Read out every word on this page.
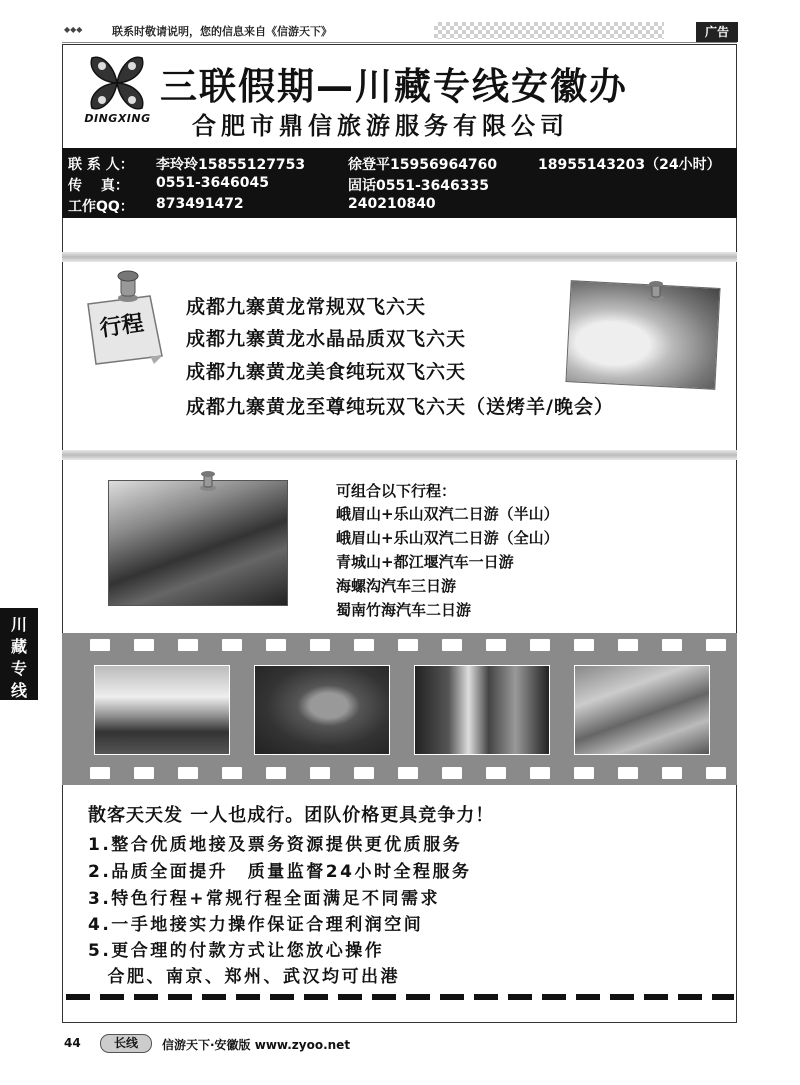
◆◆◆	联系时敬请说明，您的信息来自《信游天下》	广告
DINGXING
三联假期—川藏专线安徽办
合肥市鼎信旅游服务有限公司
联 系 人： 李玲玲15855127753	徐登平15956964760	18955143203（24小时）
传　 真： 0551-3646045	固话0551-3646335
工作QQ： 873491472	240210840
行程
成都九寨黄龙常规双飞六天
成都九寨黄龙水晶品质双飞六天
成都九寨黄龙美食纯玩双飞六天
成都九寨黄龙至尊纯玩双飞六天（送烤羊/晚会）
可组合以下行程：
峨眉山+乐山双汽二日游（半山）
峨眉山+乐山双汽二日游（全山）
青城山+都江堰汽车一日游
海螺沟汽车三日游
蜀南竹海汽车二日游
川藏专线
散客天天发 一人也成行。团队价格更具竞争力！
1.整合优质地接及票务资源提供更优质服务
2.品质全面提升　质量监督24小时全程服务
3.特色行程+常规行程全面满足不同需求
4.一手地接实力操作保证合理利润空间
5.更合理的付款方式让您放心操作
　合肥、南京、郑州、武汉均可出港
44	长线	信游天下·安徽版 www.zyoo.net
